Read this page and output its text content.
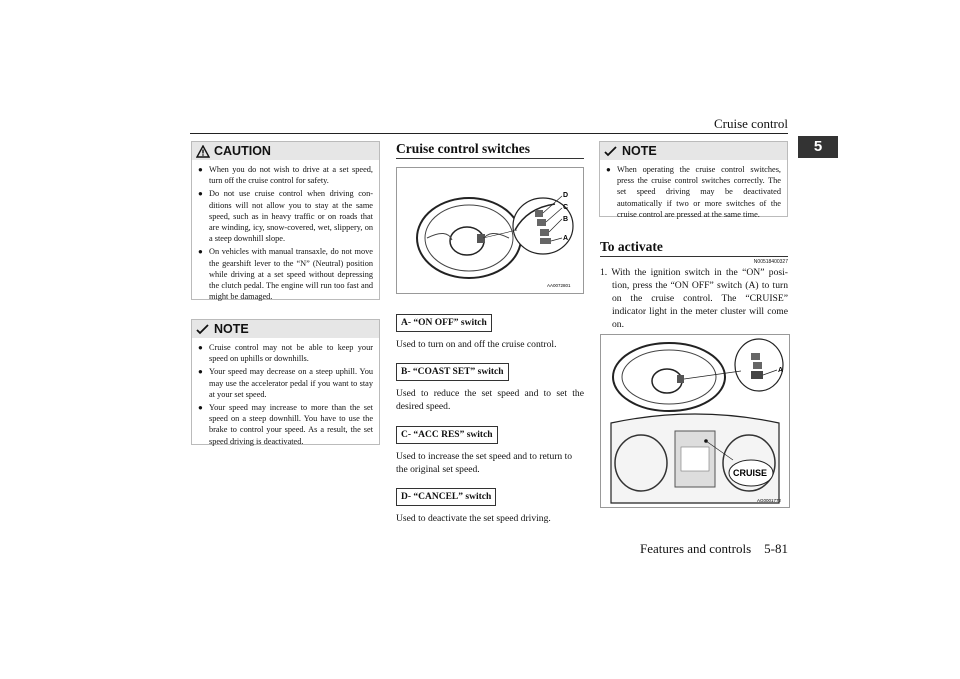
Cruise control
5
CAUTION
● When you do not wish to drive at a set speed, turn off the cruise control for safety.
● Do not use cruise control when driving con-ditions will not allow you to stay at the same speed, such as in heavy traffic or on roads that are winding, icy, snow-covered, wet, slippery, on a steep downhill slope.
● On vehicles with manual transaxle, do not move the gearshift lever to the “N” (Neutral) position while driving at a set speed without depressing the clutch pedal. The engine will run too fast and might be damaged.
NOTE
● Cruise control may not be able to keep your speed on uphills or downhills.
● Your speed may decrease on a steep uphill. You may use the accelerator pedal if you want to stay at your set speed.
● Your speed may increase to more than the set speed on a steep downhill. You have to use the brake to control your speed. As a result, the set speed driving is deactivated.
Cruise control switches
D
C
B
A
AA0072801
A- “ON OFF” switch
Used to turn on and off the cruise control.
B- “COAST SET” switch
Used to reduce the set speed and to set the desired speed.
C- “ACC RES” switch
Used to increase the set speed and to return to the original set speed.
D- “CANCEL” switch
Used to deactivate the set speed driving.
NOTE
● When operating the cruise control switches, press the cruise control switches correctly. The set speed driving may be deactivated automatically if two or more switches of the cruise control are pressed at the same time.
To activate
N00518400327
1. With the ignition switch in the “ON” posi-tion, press the “ON OFF” switch (A) to turn on the cruise control. The “CRUISE” indicator light in the meter cluster will come on.
A
CRUISE
AG0001772
Features and controls    5-81
